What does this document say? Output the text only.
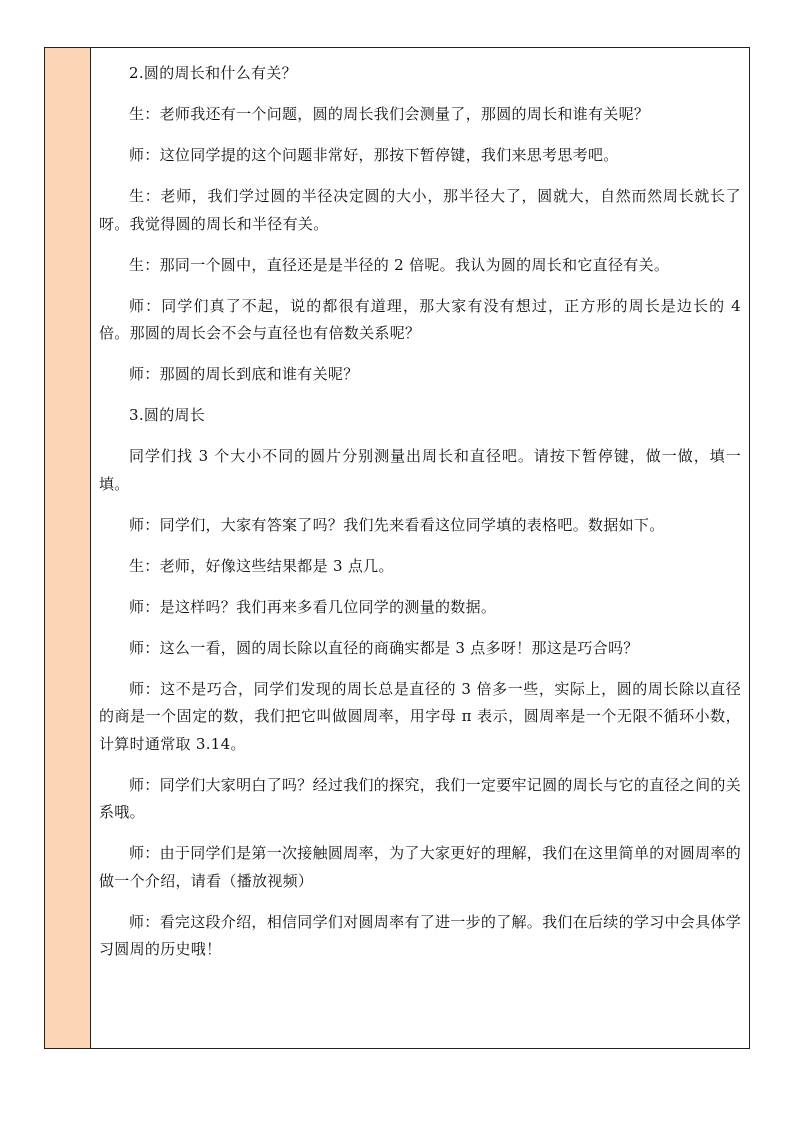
2.圆的周长和什么有关？

生：老师我还有一个问题，圆的周长我们会测量了，那圆的周长和谁有关呢？

师：这位同学提的这个问题非常好，那按下暂停键，我们来思考思考吧。

生：老师，我们学过圆的半径决定圆的大小，那半径大了，圆就大，自然而然周长就长了呀。我觉得圆的周长和半径有关。

生：那同一个圆中，直径还是是半径的 2 倍呢。我认为圆的周长和它直径有关。

师：同学们真了不起，说的都很有道理，那大家有没有想过，正方形的周长是边长的 4 倍。那圆的周长会不会与直径也有倍数关系呢？

师：那圆的周长到底和谁有关呢？

3.圆的周长

同学们找 3 个大小不同的圆片分别测量出周长和直径吧。请按下暂停键，做一做，填一填。

师：同学们，大家有答案了吗？我们先来看看这位同学填的表格吧。数据如下。

生：老师，好像这些结果都是 3 点几。

师：是这样吗？我们再来多看几位同学的测量的数据。

师：这么一看，圆的周长除以直径的商确实都是 3 点多呀！那这是巧合吗？

师：这不是巧合，同学们发现的周长总是直径的 3 倍多一些，实际上，圆的周长除以直径的商是一个固定的数，我们把它叫做圆周率，用字母 π 表示，圆周率是一个无限不循环小数，计算时通常取 3.14。

师：同学们大家明白了吗？经过我们的探究，我们一定要牢记圆的周长与它的直径之间的关系哦。

师：由于同学们是第一次接触圆周率，为了大家更好的理解，我们在这里简单的对圆周率的做一个介绍，请看（播放视频）

师：看完这段介绍，相信同学们对圆周率有了进一步的了解。我们在后续的学习中会具体学习圆周的历史哦！
